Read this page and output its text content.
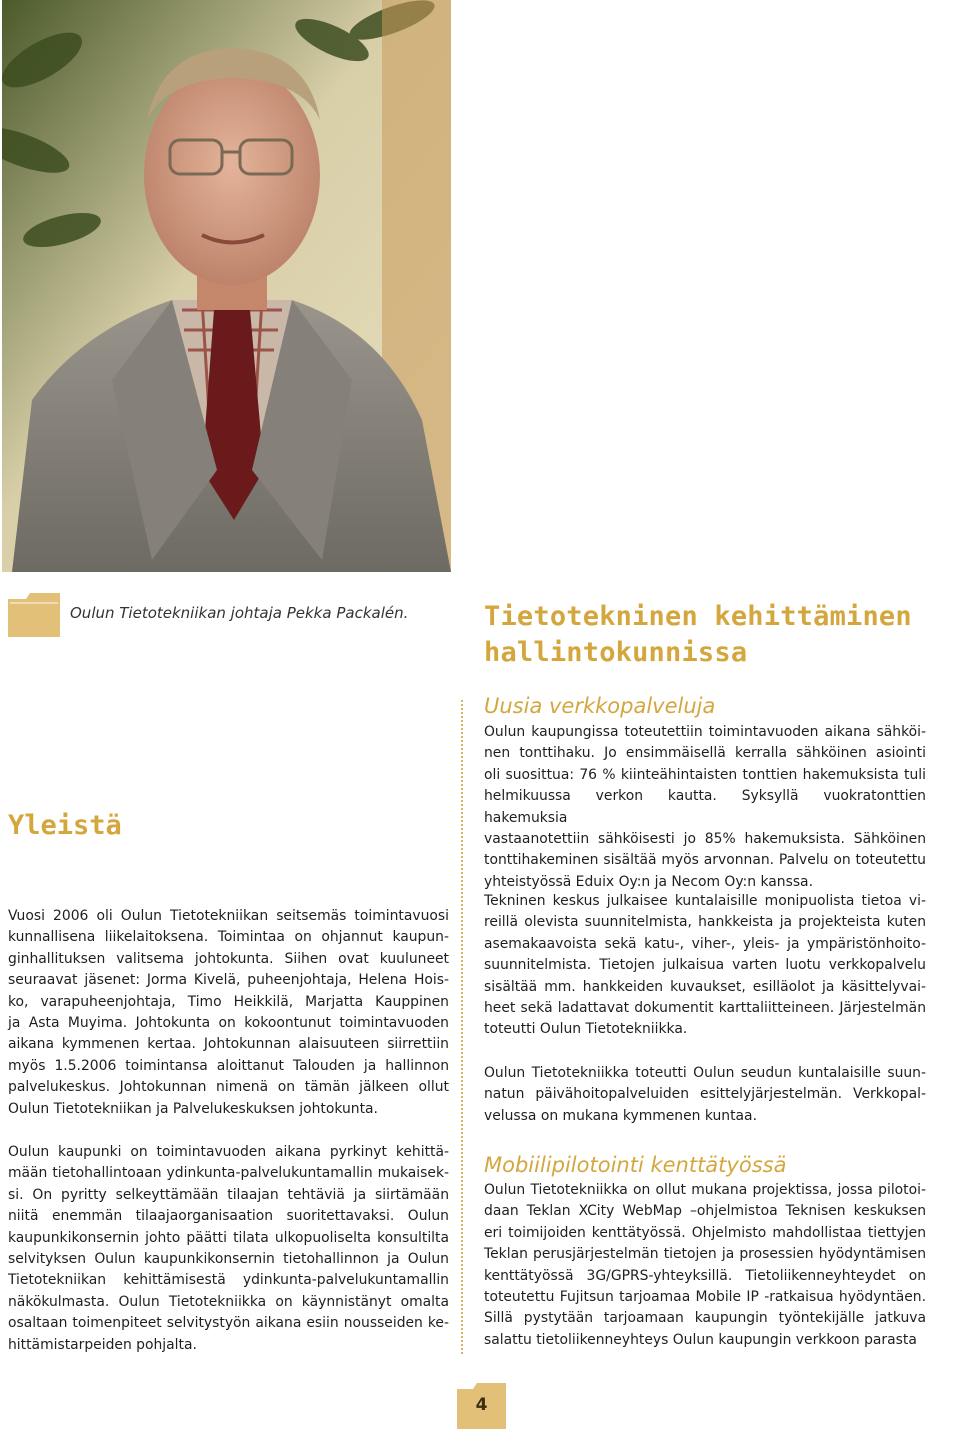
Oulun Tietotekniikan johtaja Pekka Packalén.	Tietotekninen kehittäminen
hallintokunnissa
Yleistä
Vuosi 2006 oli Oulun Tietotekniikan seitsemäs toimintavuosi
kunnallisena liikelaitoksena. Toimintaa on ohjannut kaupun-
ginhallituksen valitsema johtokunta. Siihen ovat kuuluneet
seuraavat jäsenet: Jorma Kivelä, puheenjohtaja, Helena Hois-
ko, varapuheenjohtaja, Timo Heikkilä, Marjatta Kauppinen
ja Asta Muyima. Johtokunta on kokoontunut toimintavuoden
aikana kymmenen kertaa. Johtokunnan alaisuuteen siirrettiin
myös 1.5.2006 toimintansa aloittanut Talouden ja hallinnon
palvelukeskus. Johtokunnan nimenä on tämän jälkeen ollut
Oulun Tietotekniikan ja Palvelukeskuksen johtokunta.
Oulun kaupunki on toimintavuoden aikana pyrkinyt kehittä-
mään tietohallintoaan ydinkunta-palvelukuntamallin mukaisek-
si. On pyritty selkeyttämään tilaajan tehtäviä ja siirtämään
niitä enemmän tilaajaorganisaation suoritettavaksi. Oulun
kaupunkikonsernin johto päätti tilata ulkopuoliselta konsultilta
selvityksen Oulun kaupunkikonsernin tietohallinnon ja Oulun
Tietotekniikan kehittämisestä ydinkunta-palvelukuntamallin
näkökulmasta. Oulun Tietotekniikka on käynnistänyt omalta
osaltaan toimenpiteet selvitystyön aikana esiin nousseiden ke-
hittämistarpeiden pohjalta.
Uusia verkkopalveluja
Oulun kaupungissa toteutettiin toimintavuoden aikana sähköi-
nen tonttihaku. Jo ensimmäisellä kerralla sähköinen asiointi
oli suosittua: 76 % kiinteähintaisten tonttien hakemuksista tuli
helmikuussa verkon kautta. Syksyllä vuokratonttien hakemuksia
vastaanotettiin sähköisesti jo 85% hakemuksista. Sähköinen
tonttihakeminen sisältää myös arvonnan. Palvelu on toteutettu
yhteistyössä Eduix Oy:n ja Necom Oy:n kanssa.
Tekninen keskus julkaisee kuntalaisille monipuolista tietoa vi-
reillä olevista suunnitelmista, hankkeista ja projekteista kuten
asemakaavoista sekä katu-, viher-, yleis- ja ympäristönhoito-
suunnitelmista. Tietojen julkaisua varten luotu verkkopalvelu
sisältää mm. hankkeiden kuvaukset, esilläolot ja käsittelyvai-
heet sekä ladattavat dokumentit karttaliitteineen. Järjestelmän
toteutti Oulun Tietotekniikka.
Oulun Tietotekniikka toteutti Oulun seudun kuntalaisille suun-
natun päivähoitopalveluiden esittelyjärjestelmän. Verkkopal-
velussa on mukana kymmenen kuntaa.
Mobiilipilotointi kenttätyössä
Oulun Tietotekniikka on ollut mukana projektissa, jossa pilotoi-
daan Teklan XCity WebMap –ohjelmistoa Teknisen keskuksen
eri toimijoiden kenttätyössä. Ohjelmisto mahdollistaa tiettyjen
Teklan perusjärjestelmän tietojen ja prosessien hyödyntämisen
kenttätyössä 3G/GPRS-yhteyksillä. Tietoliikenneyhteydet on
toteutettu Fujitsun tarjoamaa Mobile IP -ratkaisua hyödyntäen.
Sillä pystytään tarjoamaan kaupungin työntekijälle jatkuva
salattu tietoliikenneyhteys Oulun kaupungin verkkoon parasta
4
